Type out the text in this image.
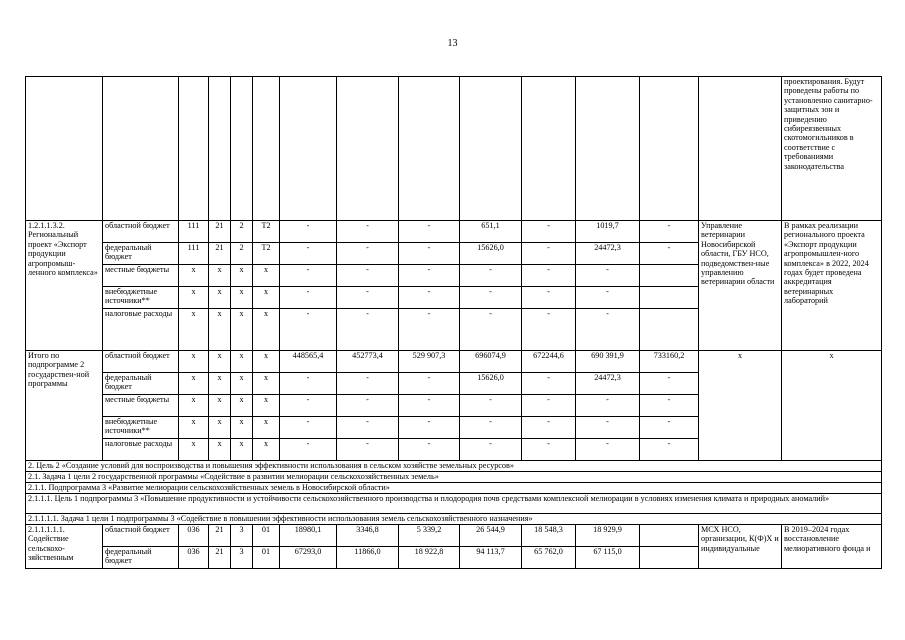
13
														проектирования. Будут проведены работы по установленно санитарно-защитных зон и приведению сибиреязвенных скотомогильников в соответствие с требованиями законодательства
1.2.1.1.3.2. Региональный проект «Экспорт продукции агропромыш-ленного комплекса»	областной бюджет	111	21	2	Т2	-	-	-	651,1	-	1019,7	-	Управление ветеринарии Новосибирской области, ГБУ НСО, подведомствен-ные управлению ветеринарии области	В рамках реализации регионального проекта «Экспорт продукции агропромышлен-ного комплекса» в 2022, 2024 годах будет проведена аккредитация ветеринарных лабораторий
	федеральный бюджет	111	21	2	Т2	-	-	-	15626,0	-	24472,3	-		
	местные бюджеты	х	х	х	х	-	-	-	-	-	-			
	внебюджетные источники**	х	х	х	х	-	-	-	-	-	-			
	налоговые расходы	х	х	х	х	-	-	-	-	-	-			
Итого по подпрограмме 2 государствен-ной программы	областной бюджет	х	х	х	х	448565,4	452773,4	529 907,3	696074,9	672244,6	690 391,9	733160,2	х	х
	федеральный бюджет	х	х	х	х	-	-	-	15626,0	-	24472,3	-		
	местные бюджеты	х	х	х	х	-	-	-	-	-	-	-		
	внебюджетные источники**	х	х	х	х	-	-	-	-	-	-	-		
	налоговые расходы	х	х	х	х	-	-	-	-	-	-	-		
2. Цель 2 «Создание условий для воспроизводства и повышения эффективности использования в сельском хозяйстве земельных ресурсов»														
2.1. Задача 1 цели 2 государственной программы «Содействие в развитии мелиорации сельскохозяйственных земель»														
2.1.1. Подпрограмма 3 «Развитие мелиорации сельскохозяйственных земель в Новосибирской области»														
2.1.1.1. Цель 1 подпрограммы 3 «Повышение продуктивности и устойчивости сельскохозяйственного производства и плодородия почв средствами комплексной мелиорации в условиях изменения климата и природных аномалий»														
2.1.1.1.1. Задача 1 цели 1 подпрограммы 3 «Содействие в повышении эффективности использования земель сельскохозяйственного назначения»														
2.1.1.1.1.1. Содействие сельскохо-зяйственным	областной бюджет	036	21	3	01	18980,1	3346,8	5 339,2	26 544,9	18 548,3	18 929,9		МСХ НСО, организации, К(Ф)Х и индивидуальные	В 2019–2024 годах восстановление мелиоративного фонда и
	федеральный бюджет	036	21	3	01	67293,0	11866,0	18 922,8	94 113,7	65 762,0	67 115,0			
